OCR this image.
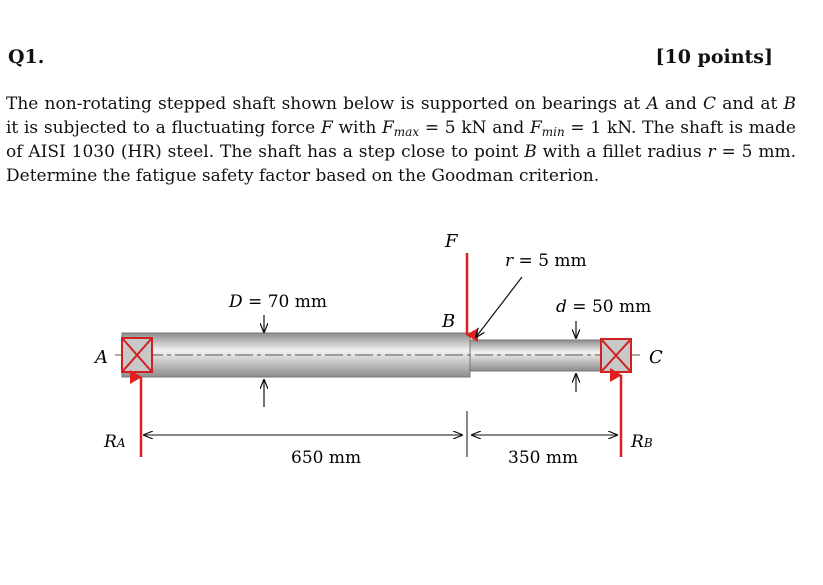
Q1.	[10 points]

The non-rotating stepped shaft shown below is supported on bearings at A and C and at B it is subjected to a fluctuating force F with $F_{max} = 5$ kN and $F_{min} = 1$ kN. The shaft is made of AISI 1030 (HR) steel. The shaft has a step close to point B with a fillet radius r = 5 mm. Determine the fatigue safety factor based on the Goodman criterion.

F
r = 5 mm
D = 70 mm	d = 50 mm
B
A	C
RA	RB
650 mm	350 mm
